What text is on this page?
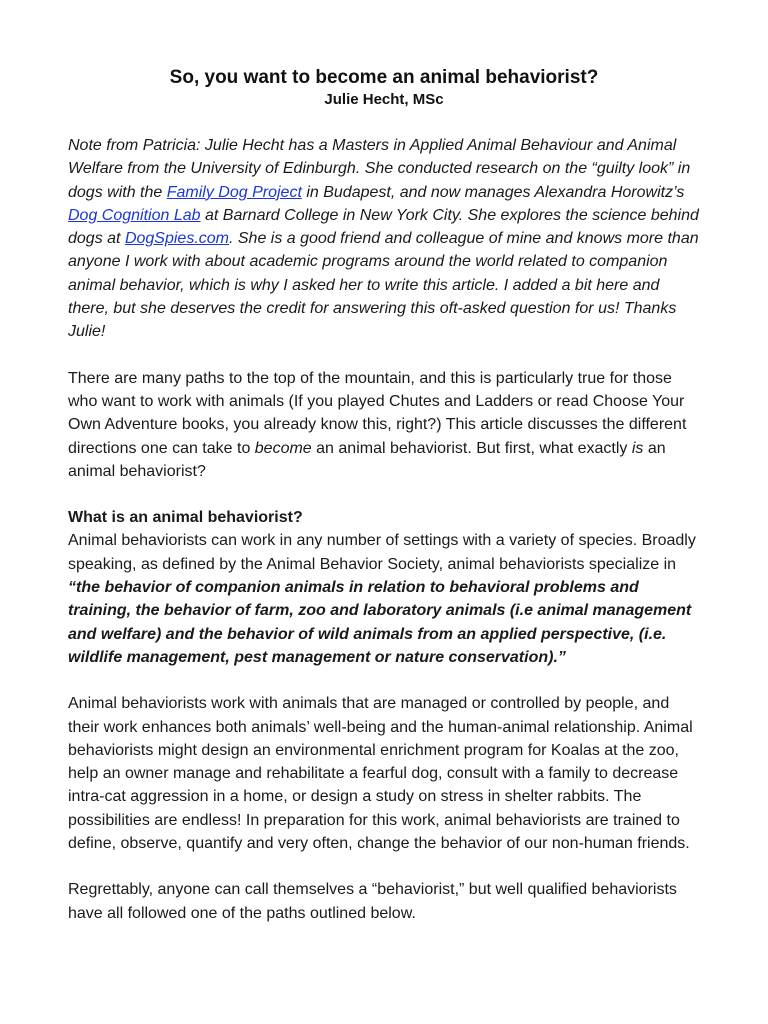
So, you want to become an animal behaviorist?
Julie Hecht, MSc

Note from Patricia: Julie Hecht has a Masters in Applied Animal Behaviour and Animal Welfare from the University of Edinburgh. She conducted research on the “guilty look” in dogs with the Family Dog Project in Budapest, and now manages Alexandra Horowitz’s Dog Cognition Lab at Barnard College in New York City. She explores the science behind dogs at DogSpies.com. She is a good friend and colleague of mine and knows more than anyone I work with about academic programs around the world related to companion animal behavior, which is why I asked her to write this article. I added a bit here and there, but she deserves the credit for answering this oft-asked question for us! Thanks Julie!

There are many paths to the top of the mountain, and this is particularly true for those who want to work with animals (If you played Chutes and Ladders or read Choose Your Own Adventure books, you already know this, right?) This article discusses the different directions one can take to become an animal behaviorist. But first, what exactly is an animal behaviorist?

What is an animal behaviorist?

Animal behaviorists can work in any number of settings with a variety of species. Broadly speaking, as defined by the Animal Behavior Society, animal behaviorists specialize in “the behavior of companion animals in relation to behavioral problems and training, the behavior of farm, zoo and laboratory animals (i.e animal management and welfare) and the behavior of wild animals from an applied perspective, (i.e. wildlife management, pest management or nature conservation).”

Animal behaviorists work with animals that are managed or controlled by people, and their work enhances both animals’ well-being and the human-animal relationship. Animal behaviorists might design an environmental enrichment program for Koalas at the zoo, help an owner manage and rehabilitate a fearful dog, consult with a family to decrease intra-cat aggression in a home, or design a study on stress in shelter rabbits. The possibilities are endless! In preparation for this work, animal behaviorists are trained to define, observe, quantify and very often, change the behavior of our non-human friends.

Regrettably, anyone can call themselves a “behaviorist,” but well qualified behaviorists have all followed one of the paths outlined below.
